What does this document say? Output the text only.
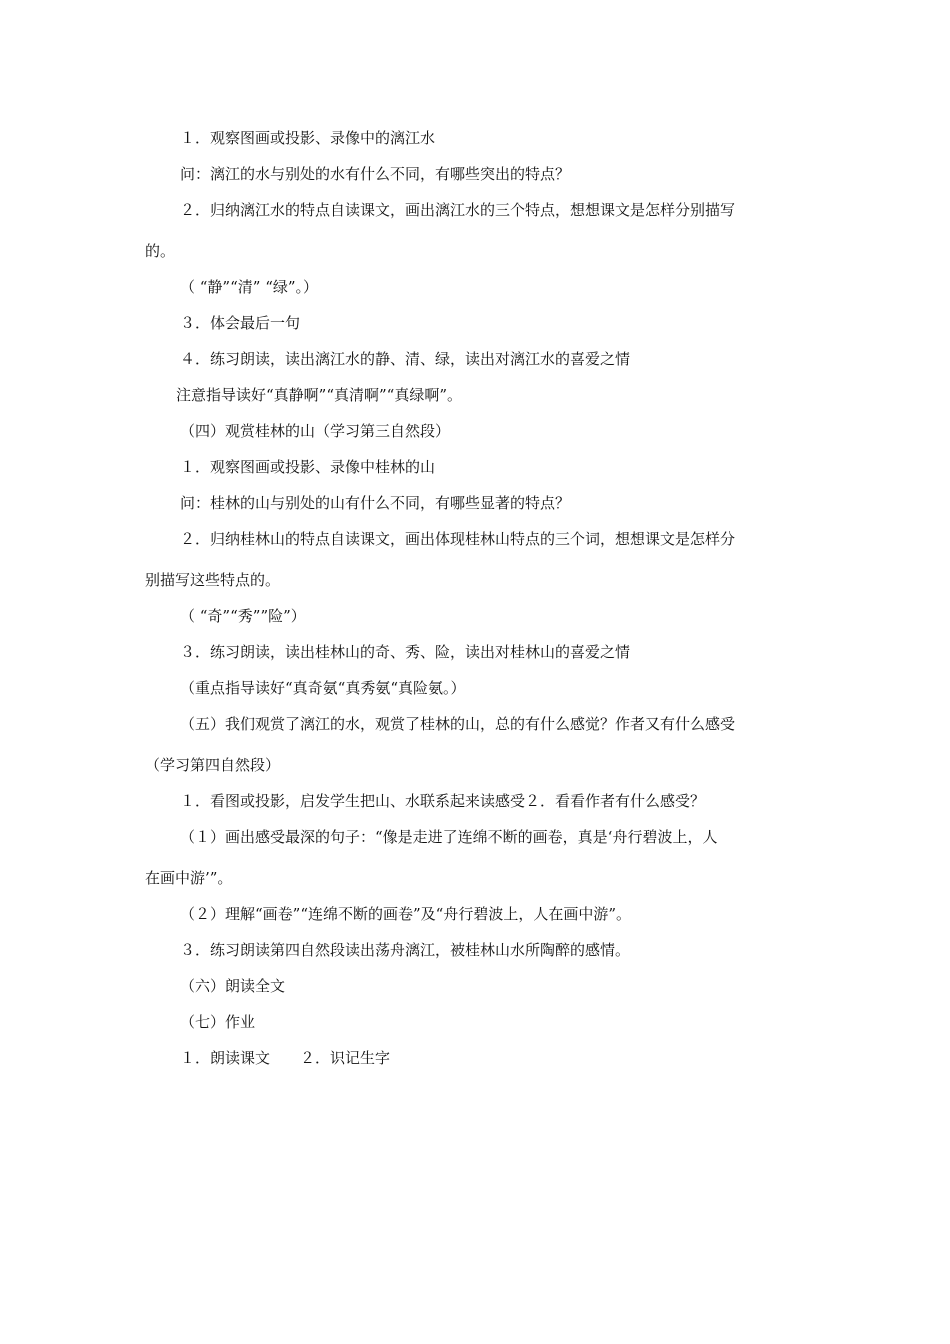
１．观察图画或投影、录像中的漓江水
问：漓江的水与别处的水有什么不同，有哪些突出的特点？
２．归纳漓江水的特点自读课文，画出漓江水的三个特点，想想课文是怎样分别描写
的。
（ “静”“清” “绿”。）
３．体会最后一句
４．练习朗读，读出漓江水的静、清、绿，读出对漓江水的喜爱之情
注意指导读好“真静啊”“真清啊”“真绿啊”。
（四）观赏桂林的山（学习第三自然段）
１．观察图画或投影、录像中桂林的山
问：桂林的山与别处的山有什么不同，有哪些显著的特点？
２．归纳桂林山的特点自读课文，画出体现桂林山特点的三个词，想想课文是怎样分
别描写这些特点的。
（ “奇”“秀””险”）
３．练习朗读，读出桂林山的奇、秀、险，读出对桂林山的喜爱之情
（重点指导读好“真奇氨“真秀氨“真险氨。）
（五）我们观赏了漓江的水，观赏了桂林的山，总的有什么感觉？作者又有什么感受
（学习第四自然段）
１．看图或投影，启发学生把山、水联系起来读感受２．看看作者有什么感受？
（１）画出感受最深的句子：“像是走进了连绵不断的画卷，真是‘舟行碧波上，人
在画中游’”。
（２）理解“画卷”“连绵不断的画卷”及“舟行碧波上，人在画中游”。
３．练习朗读第四自然段读出荡舟漓江，被桂林山水所陶醉的感情。
（六）朗读全文
（七）作业
１．朗读课文　　２．识记生字
